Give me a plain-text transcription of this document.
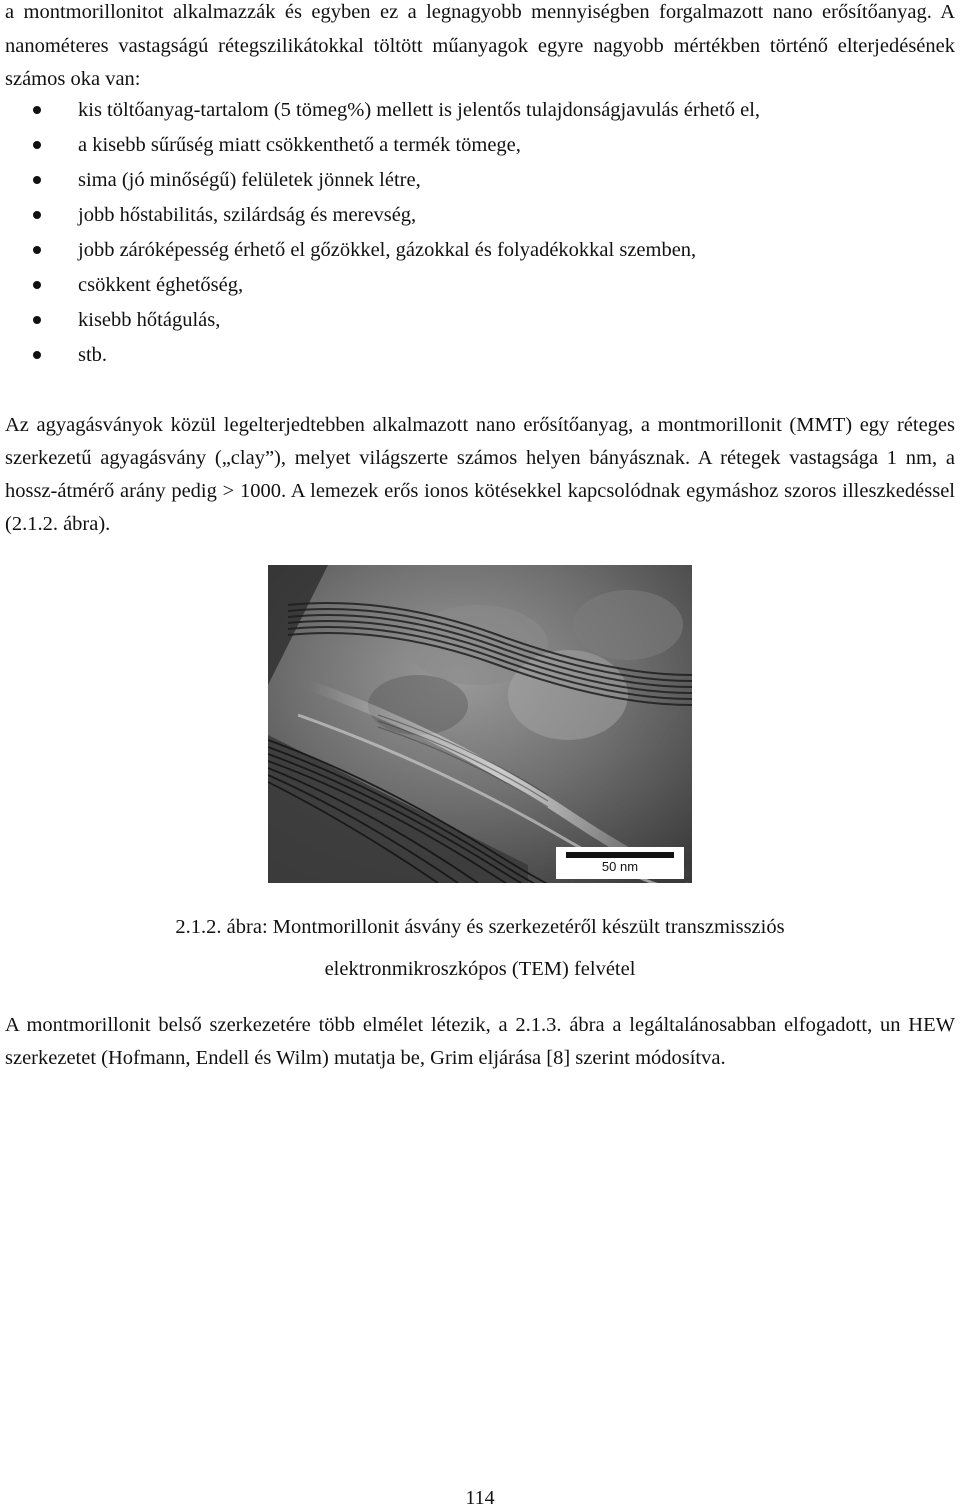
a montmorillonitot alkalmazzák és egyben ez a legnagyobb mennyiségben forgalmazott nano erősítőanyag. A nanométeres vastagságú rétegszilikátokkal töltött műanyagok egyre nagyobb mértékben történő elterjedésének számos oka van:

kis töltőanyag-tartalom (5 tömeg%) mellett is jelentős tulajdonságjavulás érhető el,
a kisebb sűrűség miatt csökkenthető a termék tömege,
sima (jó minőségű) felületek jönnek létre,
jobb hőstabilitás, szilárdság és merevség,
jobb záróképesség érhető el gőzökkel, gázokkal és folyadékokkal szemben,
csökkent éghetőség,
kisebb hőtágulás,
stb.

Az agyagásványok közül legelterjedtebben alkalmazott nano erősítőanyag, a montmorillonit (MMT) egy réteges szerkezetű agyagásvány („clay”), melyet világszerte számos helyen bányásznak. A rétegek vastagsága 1 nm, a hossz-átmérő arány pedig > 1000. A lemezek erős ionos kötésekkel kapcsolódnak egymáshoz szoros illeszkedéssel (2.1.2. ábra).

50 nm
2.1.2. ábra: Montmorillonit ásvány és szerkezetéről készült transzmissziós
elektronmikroszkópos (TEM) felvétel

A montmorillonit belső szerkezetére több elmélet létezik, a 2.1.3. ábra a legáltalánosabban elfogadott, un HEW szerkezetet (Hofmann, Endell és Wilm) mutatja be, Grim eljárása [8] szerint módosítva.

114
